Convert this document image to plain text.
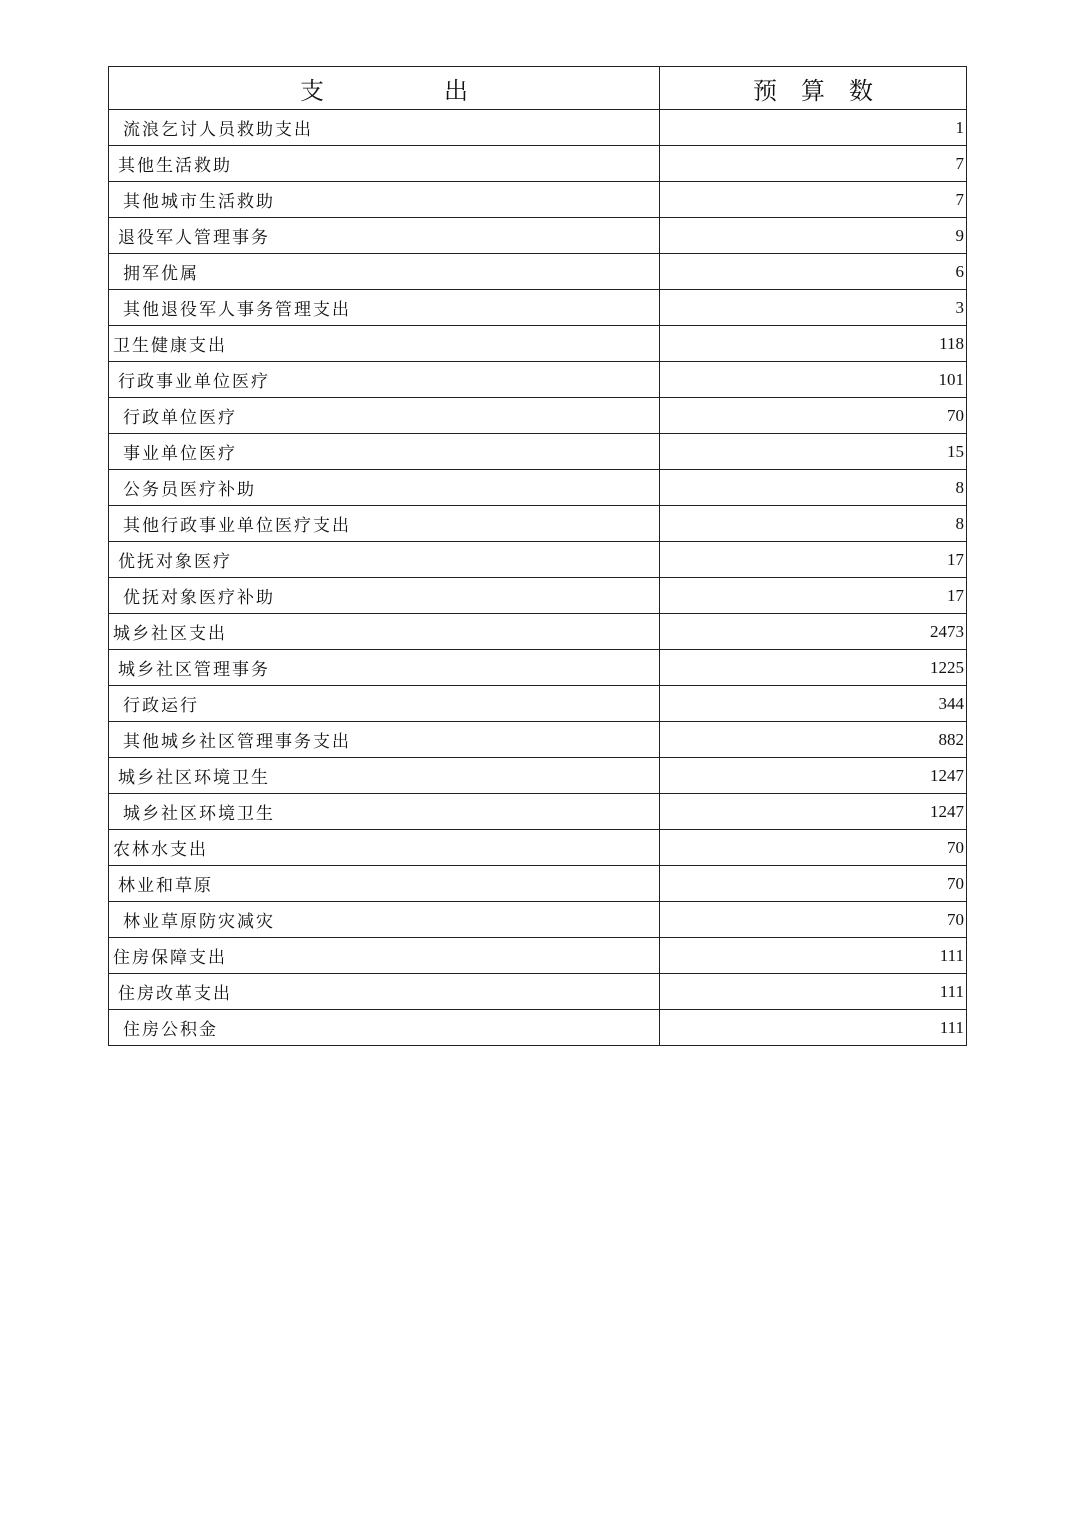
支　　　　　出	预　算　数
流浪乞讨人员救助支出	1
其他生活救助	7
其他城市生活救助	7
退役军人管理事务	9
拥军优属	6
其他退役军人事务管理支出	3
卫生健康支出	118
行政事业单位医疗	101
行政单位医疗	70
事业单位医疗	15
公务员医疗补助	8
其他行政事业单位医疗支出	8
优抚对象医疗	17
优抚对象医疗补助	17
城乡社区支出	2473
城乡社区管理事务	1225
行政运行	344
其他城乡社区管理事务支出	882
城乡社区环境卫生	1247
城乡社区环境卫生	1247
农林水支出	70
林业和草原	70
林业草原防灾减灾	70
住房保障支出	111
住房改革支出	111
住房公积金	111
